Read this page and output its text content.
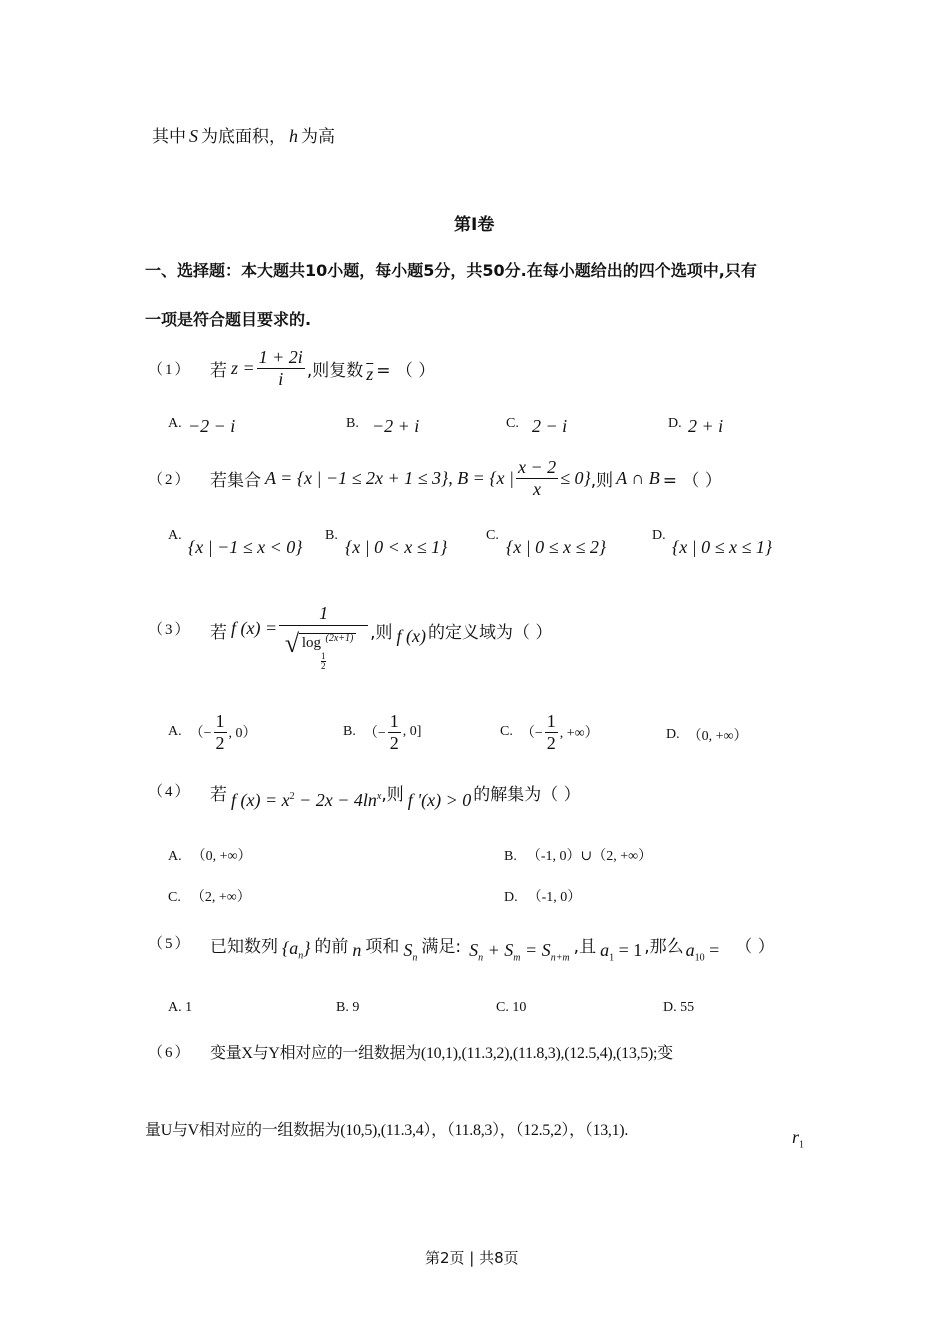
其中 S 为底面积， h 为高
第Ⅰ卷
一、选择题：本大题共10小题，每小题5分，共50分.在每小题给出的四个选项中,只有
一项是符合题目要求的.
（1）	若 $z = \frac{1 + 2i}{i}$ ,则复数 $\overline{z}$ = （ ）
A. −2 − i	B. −2 + i	C. 2 − i	D. 2 + i
（2）	若集合 A = {x | −1 ≤ 2x + 1 ≤ 3}, B = {x | $\frac{x - 2}{x} \le 0$} ,则 A ∩ B = （ ）
A.
{x | −1 ≤ x < 0}
B.
{x | 0 < x ≤ 1}
C.
{x | 0 ≤ x ≤ 2}
D.
{x | 0 ≤ x ≤ 1}
（3）	若 f (x) = 1
√ log
$\frac{1}{2}$
$^{(2x+1)}$ ,则 f (x) 的定义域为（ ）
A. （− $\frac{1}{2}$ , 0）	B. （− $\frac{1}{2}$ , 0]	C. （− $\frac{1}{2}$ , +∞）	D. （0, +∞）
（4）	若 f $(x) = x^2 - 2x - 4\ln^x$ ,则 f '(x) > 0 的解集为（ ）
A. （0, +∞）	B. （-1, 0）∪（2, +∞）
C. （2, +∞）	D. （-1, 0）
（5）	已知数列 $\{a_n\}$ 的前 n 项和 $S_n$
满足: $S_n + S_m = S_{n+m}$
,且 $a_1 = 1$ ,那么 $a_{10}$ = （ ）
A. 1	B. 9	C. 10	D. 55
（6）	变量X与Y相对应的一组数据为(10,1),(11.3,2),(11.8,3),(12.5,4),(13,5);变
量U与V相对应的一组数据为(10,5),(11.3,4），（11.8,3），（12.5,2），（13,1).	$r_1$
第2页 | 共8页
